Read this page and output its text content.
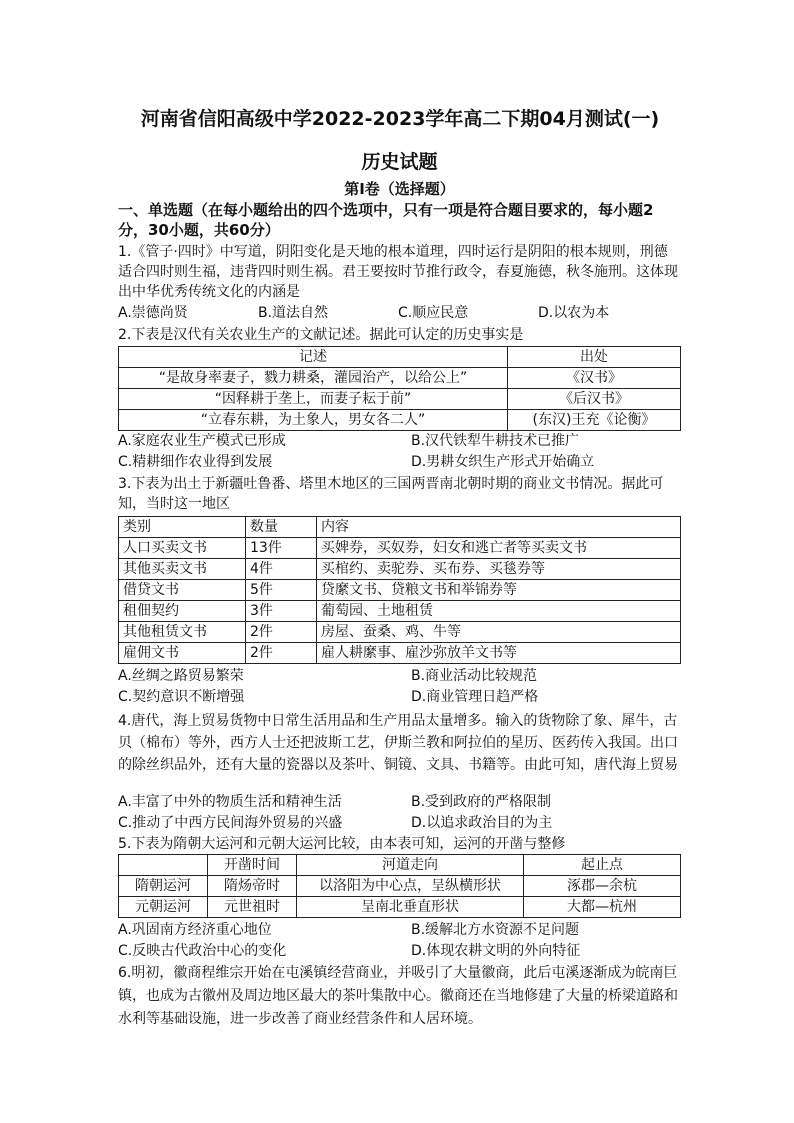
河南省信阳高级中学2022-2023学年高二下期04月测试(一)
历史试题
第Ⅰ卷（选择题）
一、单选题（在每小题给出的四个选项中，只有一项是符合题目要求的，每小题2分，30小题，共60分）
1.《管子·四时》中写道，阴阳变化是天地的根本道理，四时运行是阴阳的根本规则，刑德适合四时则生福，违背四时则生祸。君王要按时节推行政令，春夏施德，秋冬施刑。这体现出中华优秀传统文化的内涵是
A.崇德尚贤	B.道法自然	C.顺应民意	D.以农为本
2.下表是汉代有关农业生产的文献记述。据此可认定的历史事实是
记述	出处
“是故身率妻子，戮力耕桑，灌园治产，以给公上”	《汉书》
“因释耕于垄上，而妻子耘于前”	《后汉书》
“立春东耕，为土象人，男女各二人”	(东汉)王充《论衡》
A.家庭农业生产模式已形成	B.汉代铁犁牛耕技术已推广
C.精耕细作农业得到发展	D.男耕女织生产形式开始确立
3.下表为出土于新疆吐鲁番、塔里木地区的三国两晋南北朝时期的商业文书情况。据此可知，当时这一地区
类别	数量	内容
人口买卖文书	13件	买婢券，买奴券，妇女和逃亡者等买卖文书
其他买卖文书	4件	买棺约、卖驼券、买布券、买毯券等
借贷文书	5件	贷縻文书、贷粮文书和举锦券等
租佃契约	3件	葡萄园、土地租赁
其他租赁文书	2件	房屋、蚕桑、鸡、牛等
雇佣文书	2件	雇人耕縻事、雇沙弥放羊文书等
A.丝绸之路贸易繁荣	B.商业活动比较规范
C.契约意识不断增强	D.商业管理日趋严格
4.唐代，海上贸易货物中日常生活用品和生产用品太量增多。输入的货物除了象、犀牛，古贝（棉布）等外，西方人士还把波斯工艺，伊斯兰教和阿拉伯的星历、医药传入我国。出口的除丝织品外，还有大量的瓷器以及茶叶、铜镜、文具、书籍等。由此可知，唐代海上贸易
A.丰富了中外的物质生活和精神生活	B.受到政府的严格限制
C.推动了中西方民间海外贸易的兴盛	D.以追求政治目的为主
5.下表为隋朝大运河和元朝大运河比较，由本表可知，运河的开凿与整修
	开凿时间	河道走向	起止点
隋朝运河	隋炀帝时	以洛阳为中心点，呈纵横形状	涿郡—余杭
元朝运河	元世祖时	呈南北垂直形状	大都—杭州
A.巩固南方经济重心地位	B.缓解北方水资源不足问题
C.反映古代政治中心的变化	D.体现农耕文明的外向特征
6.明初，徽商程维宗开始在屯溪镇经营商业，并吸引了大量徽商，此后屯溪逐渐成为皖南巨镇，也成为古徽州及周边地区最大的茶叶集散中心。徽商还在当地修建了大量的桥梁道路和水利等基础设施，进一步改善了商业经营条件和人居环境。
